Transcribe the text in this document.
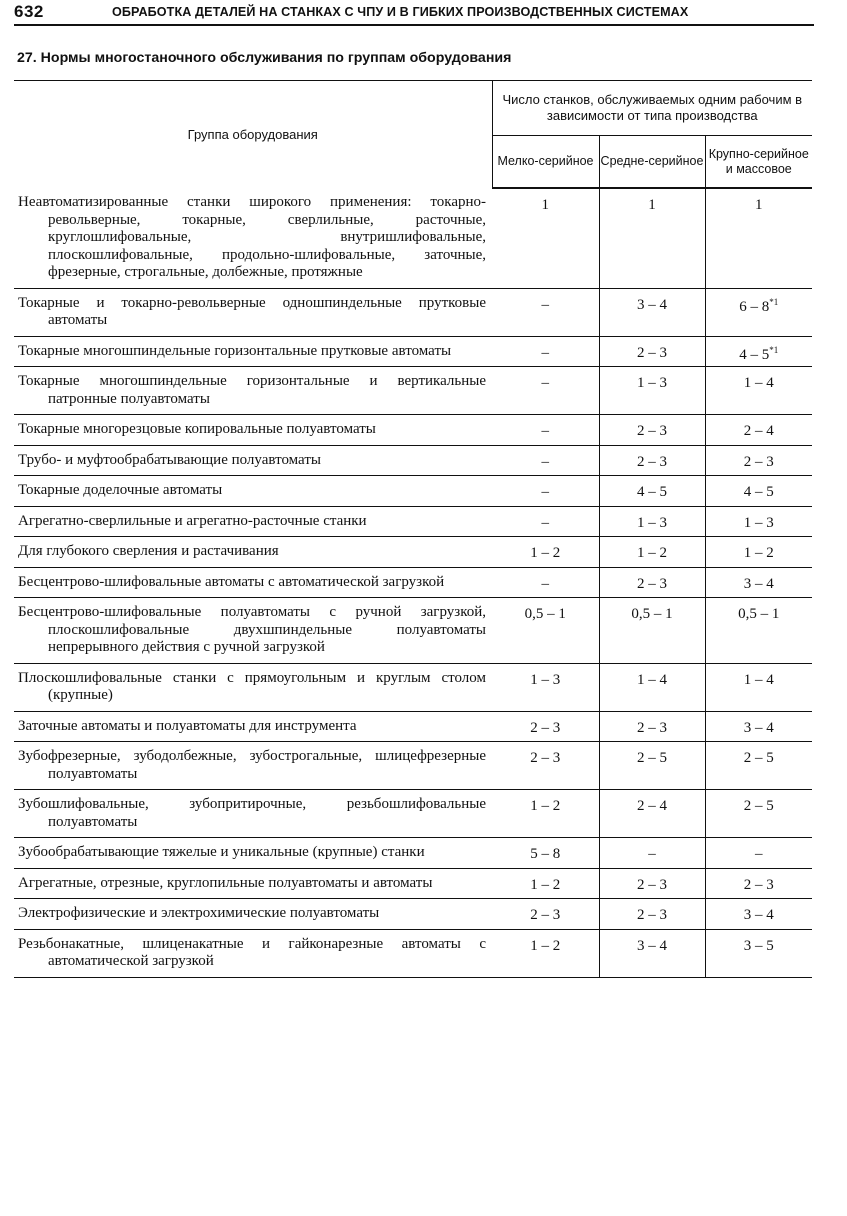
632	ОБРАБОТКА ДЕТАЛЕЙ НА СТАНКАХ С ЧПУ И В ГИБКИХ ПРОИЗВОДСТВЕННЫХ СИСТЕМАХ
27. Нормы многостаночного обслуживания по группам оборудования
Группа оборудования	Число станков, обслуживаемых одним рабочим в зависимости от типа производства		
	Мелко-серийное	Средне-серийное	Крупно-серийное и массовое

Неавтоматизированные станки широкого применения: токарно-револьверные, токарные, сверлильные, расточные, круглошлифовальные, внутришлифовальные, плоскошлифовальные, продольно-шлифовальные, заточные, фрезерные, строгальные, долбежные, протяжные	1	1	1

Токарные и токарно-револьверные одношпиндельные прутковые автоматы	–	3 – 4	6 – 8$^{*1}$

Токарные многошпиндельные горизонтальные прутковые автоматы	–	2 – 3	4 – 5$^{*1}$

Токарные многошпиндельные горизонтальные и вертикальные патронные полуавтоматы	–	1 – 3	1 – 4

Токарные многорезцовые копировальные полуавтоматы	–	2 – 3	2 – 4

Трубо- и муфтообрабатывающие полуавтоматы	–	2 – 3	2 – 3

Токарные доделочные автоматы	–	4 – 5	4 – 5

Агрегатно-сверлильные и агрегатно-расточные станки	–	1 – 3	1 – 3

Для глубокого сверления и растачивания	1 – 2	1 – 2	1 – 2

Бесцентрово-шлифовальные автоматы с автоматической загрузкой	–	2 – 3	3 – 4

Бесцентрово-шлифовальные полуавтоматы с ручной загрузкой, плоскошлифовальные двухшпиндельные полуавтоматы непрерывного действия с ручной загрузкой	0,5 – 1	0,5 – 1	0,5 – 1

Плоскошлифовальные станки с прямоугольным и круглым столом (крупные)	1 – 3	1 – 4	1 – 4

Заточные автоматы и полуавтоматы для инструмента	2 – 3	2 – 3	3 – 4

Зубофрезерные, зубодолбежные, зубострогальные, шлицефрезерные полуавтоматы	2 – 3	2 – 5	2 – 5

Зубошлифовальные, зубопритирочные, резьбошлифовальные полуавтоматы	1 – 2	2 – 4	2 – 5

Зубообрабатывающие тяжелые и уникальные (крупные) станки	5 – 8	–	–

Агрегатные, отрезные, круглопильные полуавтоматы и автоматы	1 – 2	2 – 3	2 – 3

Электрофизические и электрохимические полуавтоматы	2 – 3	2 – 3	3 – 4

Резьбонакатные, шлиценакатные и гайконарезные автоматы с автоматической загрузкой	1 – 2	3 – 4	3 – 5
